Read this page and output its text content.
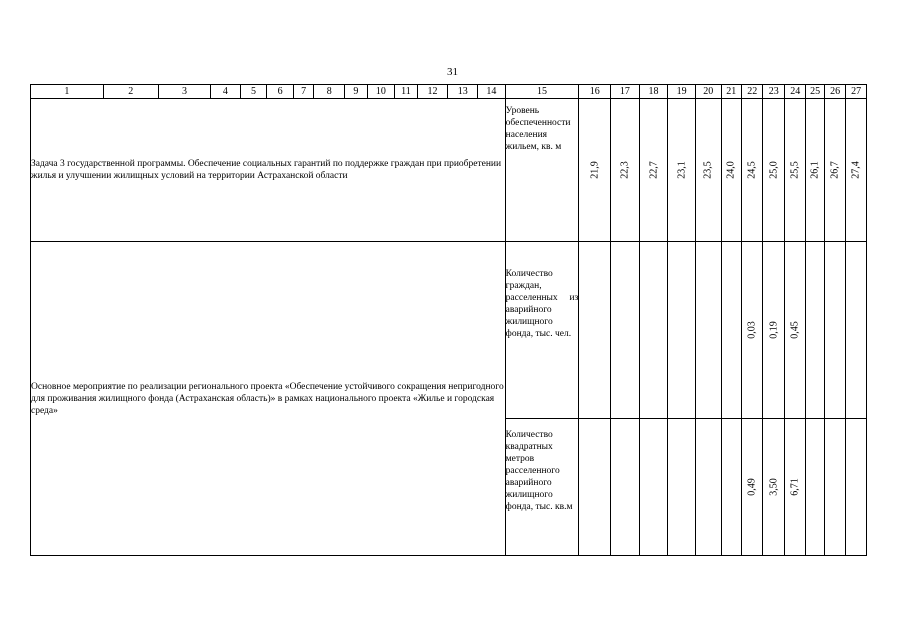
31
1	2	3	4	5	6	7	8	9	10	11	12	13	14	15	16	17	18	19	20	21	22	23	24	25	26	27
Задача 3 государственной программы. Обеспечение социальных гарантий по поддержке граждан при приобретении жилья и улучшении жилищных условий на территории Астраханской области														Уровень обеспеченности населения жильем, кв. м	21,9	22,3	22,7	23,1	23,5	24,0	24,5	25,0	25,5	26,1	26,7	27,4

Основное мероприятие по реализации регионального проекта «Обеспечение устойчивого сокращения непригодного для проживания жилищного фонда (Астраханская область)» в рамках национального проекта «Жилье и городская среда»														Количество граждан, расселенных из аварийного жилищного фонда, тыс. чел.							0,03	0,19	0,45			

														Количество квадратных метров расселенного аварийного жилищного фонда, тыс. кв.м							0,49	3,50	6,71			
